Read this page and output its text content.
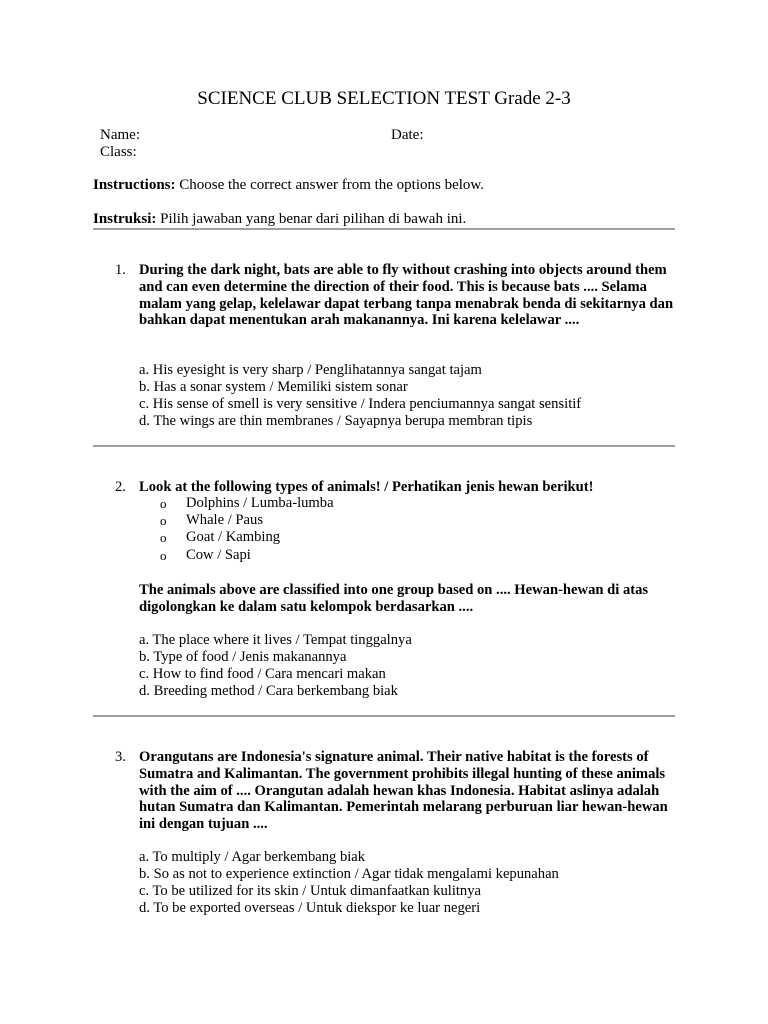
SCIENCE CLUB SELECTION TEST Grade 2-3
Name:	Date:
Class:
Instructions: Choose the correct answer from the options below.
Instruksi: Pilih jawaban yang benar dari pilihan di bawah ini.
1. During the dark night, bats are able to fly without crashing into objects around them and can even determine the direction of their food. This is because bats .... Selama malam yang gelap, kelelawar dapat terbang tanpa menabrak benda di sekitarnya dan bahkan dapat menentukan arah makanannya. Ini karena kelelawar ....
a. His eyesight is very sharp / Penglihatannya sangat tajam
b. Has a sonar system / Memiliki sistem sonar
c. His sense of smell is very sensitive / Indera penciumannya sangat sensitif
d. The wings are thin membranes / Sayapnya berupa membran tipis
2. Look at the following types of animals! / Perhatikan jenis hewan berikut!
o Dolphins / Lumba-lumba
o Whale / Paus
o Goat / Kambing
o Cow / Sapi
The animals above are classified into one group based on .... Hewan-hewan di atas digolongkan ke dalam satu kelompok berdasarkan ....
a. The place where it lives / Tempat tinggalnya
b. Type of food / Jenis makanannya
c. How to find food / Cara mencari makan
d. Breeding method / Cara berkembang biak
3. Orangutans are Indonesia's signature animal. Their native habitat is the forests of Sumatra and Kalimantan. The government prohibits illegal hunting of these animals with the aim of .... Orangutan adalah hewan khas Indonesia. Habitat aslinya adalah hutan Sumatra dan Kalimantan. Pemerintah melarang perburuan liar hewan-hewan ini dengan tujuan ....
a. To multiply / Agar berkembang biak
b. So as not to experience extinction / Agar tidak mengalami kepunahan
c. To be utilized for its skin / Untuk dimanfaatkan kulitnya
d. To be exported overseas / Untuk diekspor ke luar negeri
